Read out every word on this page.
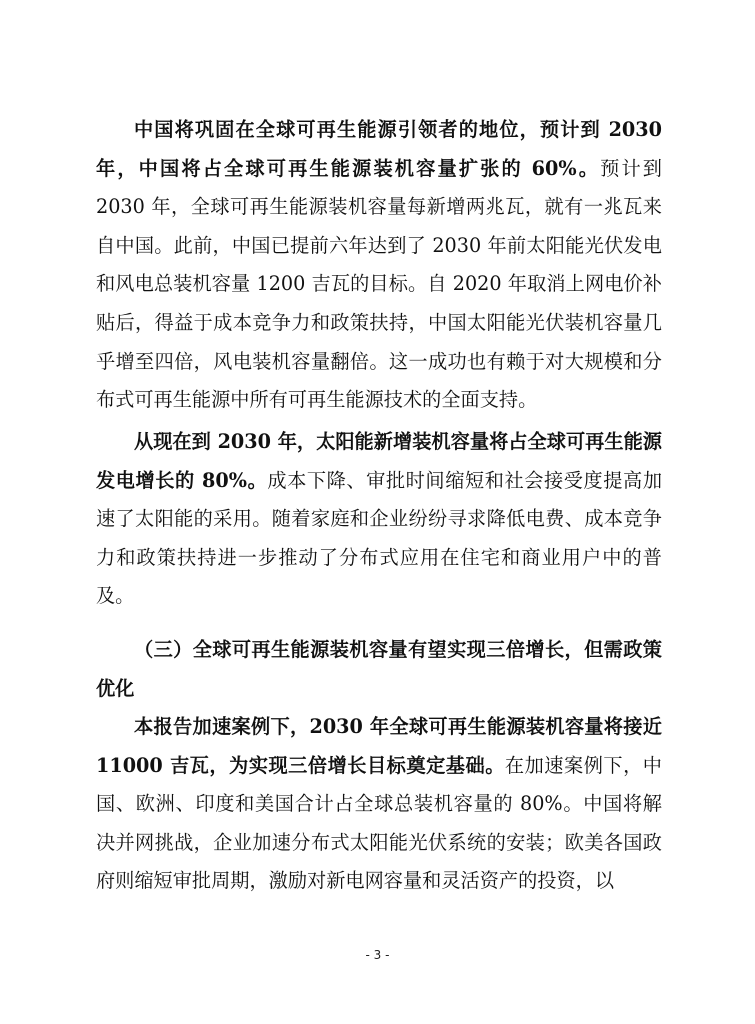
中国将巩固在全球可再生能源引领者的地位，预计到 2030 年，中国将占全球可再生能源装机容量扩张的 60%。预计到 2030 年，全球可再生能源装机容量每新增两兆瓦，就有一兆瓦来自中国。此前，中国已提前六年达到了 2030 年前太阳能光伏发电和风电总装机容量 1200 吉瓦的目标。自 2020 年取消上网电价补贴后，得益于成本竞争力和政策扶持，中国太阳能光伏装机容量几乎增至四倍，风电装机容量翻倍。这一成功也有赖于对大规模和分布式可再生能源中所有可再生能源技术的全面支持。

从现在到 2030 年，太阳能新增装机容量将占全球可再生能源发电增长的 80%。成本下降、审批时间缩短和社会接受度提高加速了太阳能的采用。随着家庭和企业纷纷寻求降低电费、成本竞争力和政策扶持进一步推动了分布式应用在住宅和商业用户中的普及。

（三）全球可再生能源装机容量有望实现三倍增长，但需政策优化

本报告加速案例下，2030 年全球可再生能源装机容量将接近 11000 吉瓦，为实现三倍增长目标奠定基础。在加速案例下，中国、欧洲、印度和美国合计占全球总装机容量的 80%。中国将解决并网挑战，企业加速分布式太阳能光伏系统的安装；欧美各国政府则缩短审批周期，激励对新电网容量和灵活资产的投资，以

- 3 -
